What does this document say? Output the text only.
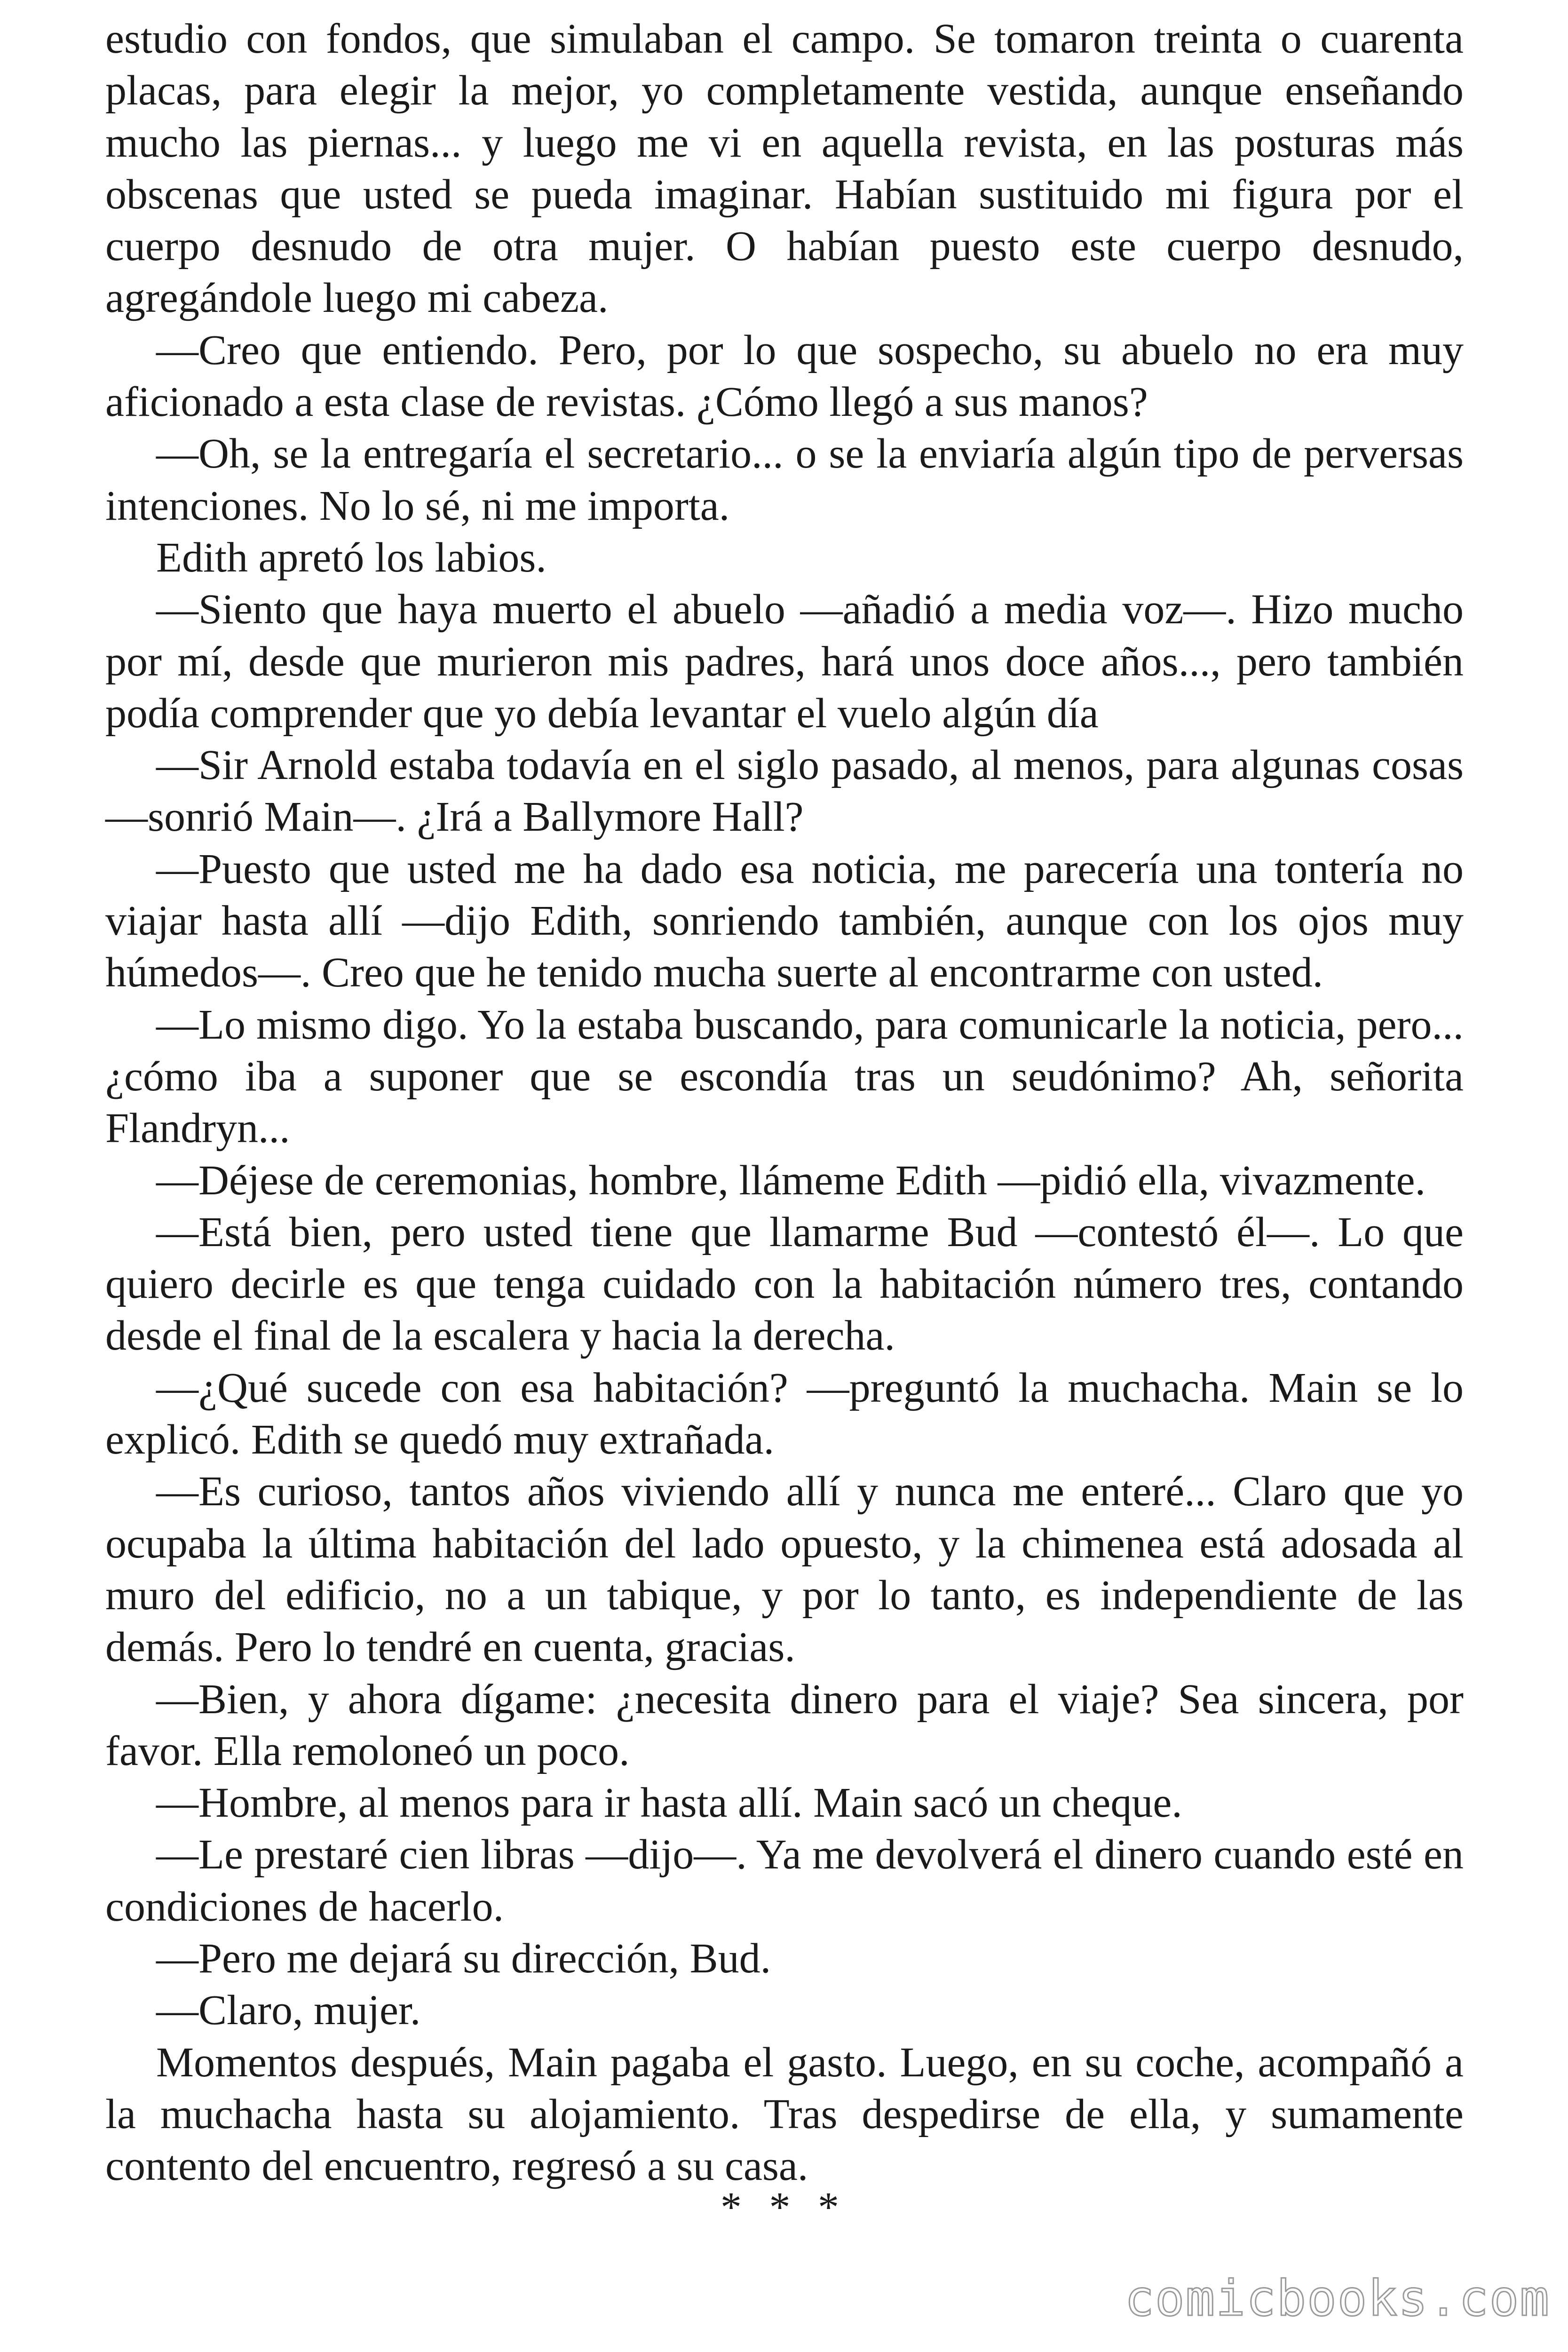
estudio con fondos, que simulaban el campo. Se tomaron treinta o cuarenta placas, para elegir la mejor, yo completamente vestida, aunque enseñando mucho las piernas... y luego me vi en aquella revista, en las posturas más obscenas que usted se pueda imaginar. Habían sustituido mi figura por el cuerpo desnudo de otra mujer. O habían puesto este cuerpo desnudo, agregándole luego mi cabeza.

—Creo que entiendo. Pero, por lo que sospecho, su abuelo no era muy aficionado a esta clase de revistas. ¿Cómo llegó a sus manos?

—Oh, se la entregaría el secretario... o se la enviaría algún tipo de perversas intenciones. No lo sé, ni me importa.

Edith apretó los labios.

—Siento que haya muerto el abuelo —añadió a media voz—. Hizo mucho por mí, desde que murieron mis padres, hará unos doce años..., pero también podía comprender que yo debía levantar el vuelo algún día

—Sir Arnold estaba todavía en el siglo pasado, al menos, para algunas cosas —sonrió Main—. ¿Irá a Ballymore Hall?

—Puesto que usted me ha dado esa noticia, me parecería una tontería no viajar hasta allí —dijo Edith, sonriendo también, aunque con los ojos muy húmedos—. Creo que he tenido mucha suerte al encontrarme con usted.

—Lo mismo digo. Yo la estaba buscando, para comunicarle la noticia, pero... ¿cómo iba a suponer que se escondía tras un seudónimo? Ah, señorita Flandryn...

—Déjese de ceremonias, hombre, llámeme Edith —pidió ella, vivazmente.

—Está bien, pero usted tiene que llamarme Bud —contestó él—. Lo que quiero decirle es que tenga cuidado con la habitación número tres, contando desde el final de la escalera y hacia la derecha.

—¿Qué sucede con esa habitación? —preguntó la muchacha. Main se lo explicó. Edith se quedó muy extrañada.

—Es curioso, tantos años viviendo allí y nunca me enteré... Claro que yo ocupaba la última habitación del lado opuesto, y la chimenea está adosada al muro del edificio, no a un tabique, y por lo tanto, es independiente de las demás. Pero lo tendré en cuenta, gracias.

—Bien, y ahora dígame: ¿necesita dinero para el viaje? Sea sincera, por favor. Ella remoloneó un poco.

—Hombre, al menos para ir hasta allí. Main sacó un cheque.

—Le prestaré cien libras —dijo—. Ya me devolverá el dinero cuando esté en condiciones de hacerlo.

—Pero me dejará su dirección, Bud.

—Claro, mujer.

Momentos después, Main pagaba el gasto. Luego, en su coche, acompañó a la muchacha hasta su alojamiento. Tras despedirse de ella, y sumamente contento del encuentro, regresó a su casa.

* * *
comicbooks.com
